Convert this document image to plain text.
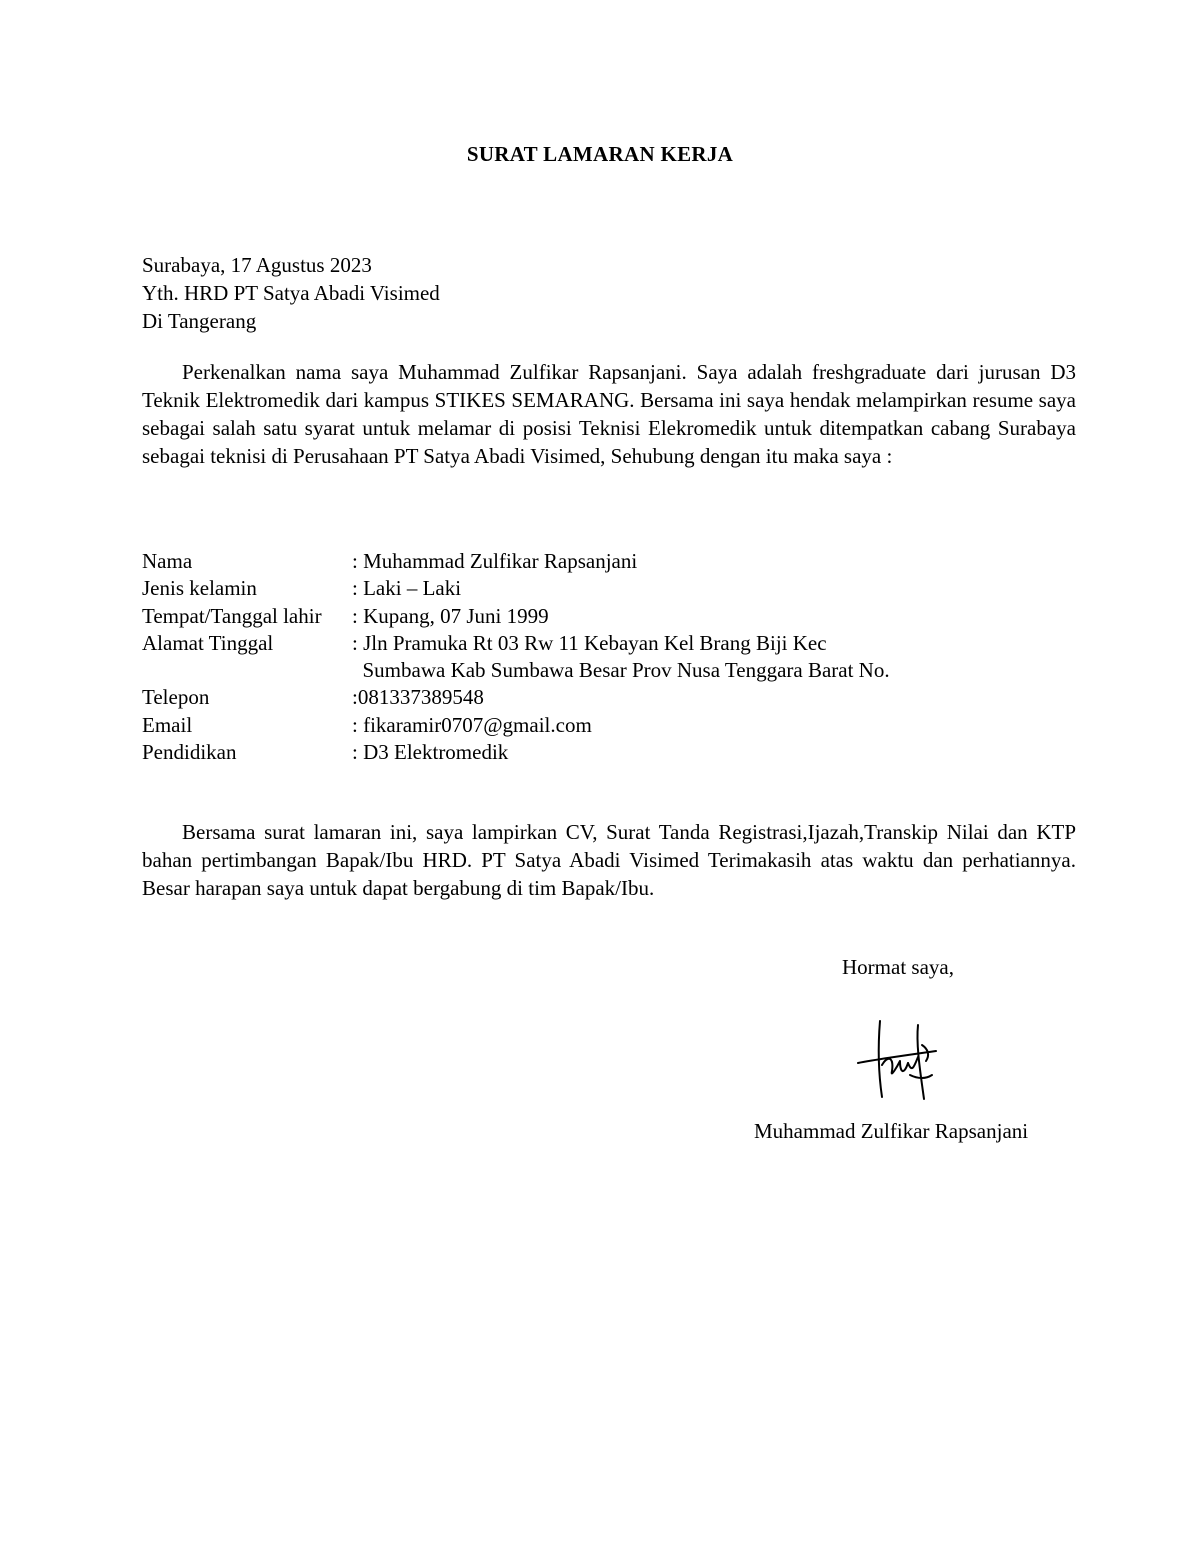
SURAT LAMARAN KERJA
Surabaya, 17 Agustus 2023
Yth. HRD PT Satya Abadi Visimed
Di Tangerang
Perkenalkan nama saya Muhammad Zulfikar Rapsanjani. Saya adalah freshgraduate dari jurusan D3 Teknik Elektromedik dari kampus STIKES SEMARANG. Bersama ini saya hendak melampirkan resume saya sebagai salah satu syarat untuk melamar di posisi Teknisi Elekromedik untuk ditempatkan cabang Surabaya sebagai teknisi di Perusahaan PT Satya Abadi Visimed, Sehubung dengan itu maka saya :
Nama	: Muhammad Zulfikar Rapsanjani
Jenis kelamin	: Laki – Laki
Tempat/Tanggal lahir	: Kupang, 07 Juni 1999
Alamat Tinggal	: Jln Pramuka Rt 03 Rw 11 Kebayan Kel Brang Biji Kec
Sumbawa Kab Sumbawa Besar Prov Nusa Tenggara Barat No.
Telepon	:081337389548
Email	: fikaramir0707@gmail.com
Pendidikan	: D3 Elektromedik
Bersama surat lamaran ini, saya lampirkan CV, Surat Tanda Registrasi,Ijazah,Transkip Nilai dan KTP bahan pertimbangan Bapak/Ibu HRD. PT Satya Abadi Visimed Terimakasih atas waktu dan perhatiannya. Besar harapan saya untuk dapat bergabung di tim Bapak/Ibu.
Hormat saya,
Muhammad Zulfikar Rapsanjani
